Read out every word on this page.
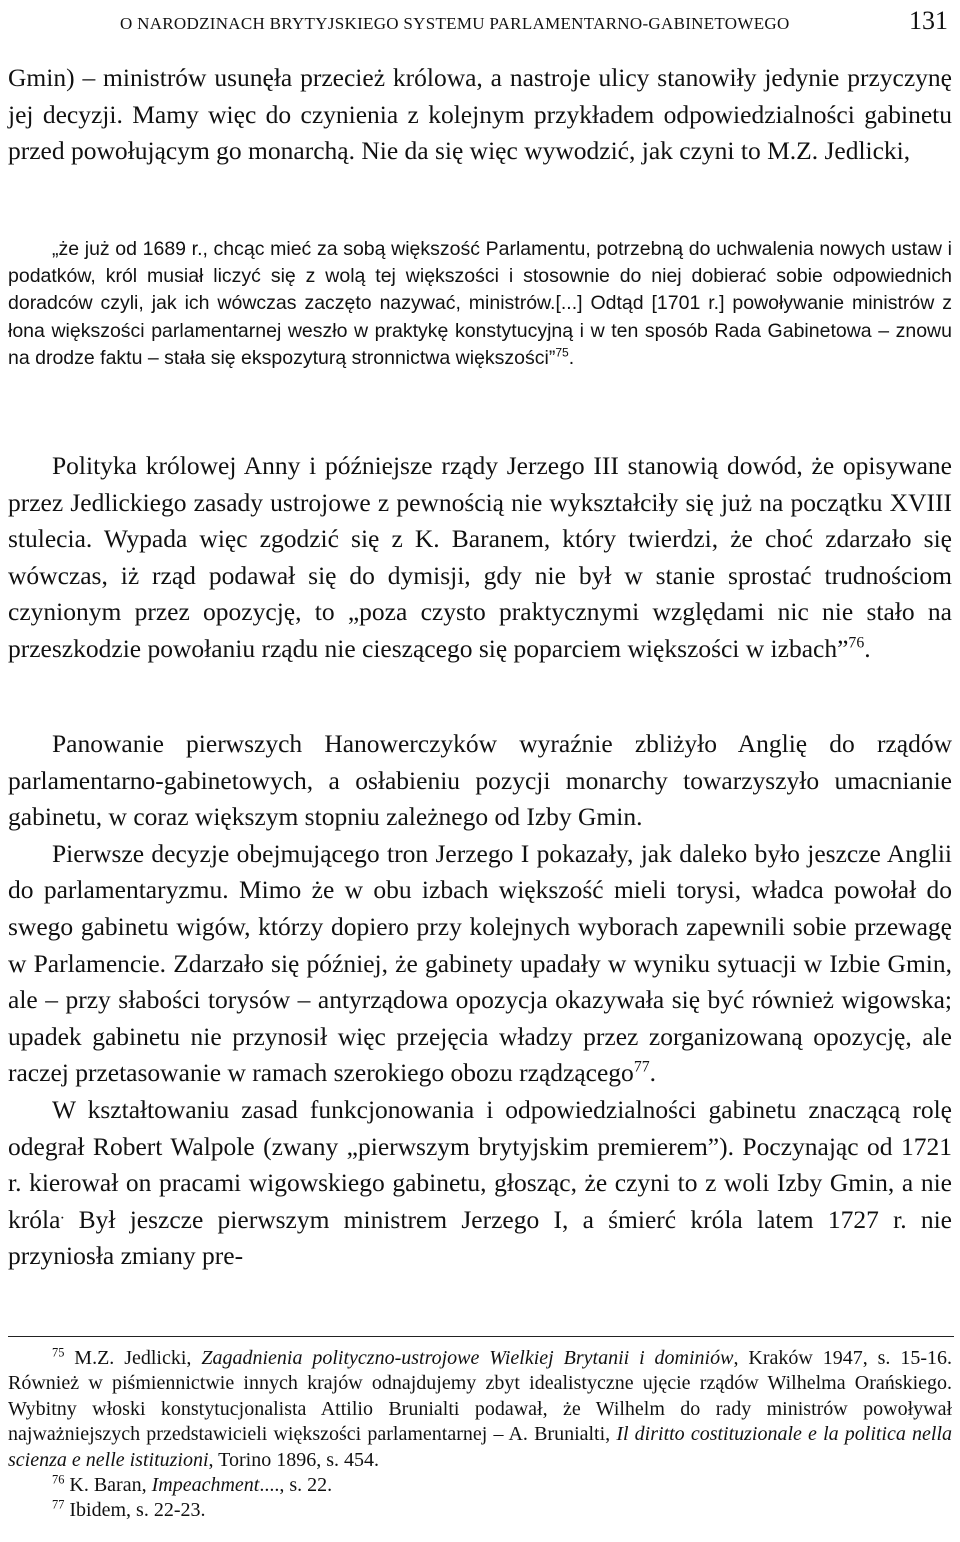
O NARODZINACH BRYTYJSKIEGO SYSTEMU PARLAMENTARNO-GABINETOWEGO	131

Gmin) – ministrów usunęła przecież królowa, a nastroje ulicy stanowiły jedynie przyczynę jej decyzji. Mamy więc do czynienia z kolejnym przykładem odpowiedzialności gabinetu przed powołującym go monarchą. Nie da się więc wywodzić, jak czyni to M.Z. Jedlicki,

„że już od 1689 r., chcąc mieć za sobą większość Parlamentu, potrzebną do uchwalenia nowych ustaw i podatków, król musiał liczyć się z wolą tej większości i stosownie do niej dobierać sobie odpowiednich doradców czyli, jak ich wówczas zaczęto nazywać, ministrów.[...] Odtąd [1701 r.] powoływanie ministrów z łona większości parlamentarnej weszło w praktykę konstytucyjną i w ten sposób Rada Gabinetowa – znowu na drodze faktu – stała się ekspozyturą stronnictwa większości”$^{75}$.

Polityka królowej Anny i późniejsze rządy Jerzego III stanowią dowód, że opisywane przez Jedlickiego zasady ustrojowe z pewnością nie wykształciły się już na początku XVIII stulecia. Wypada więc zgodzić się z K. Baranem, który twierdzi, że choć zdarzało się wówczas, iż rząd podawał się do dymisji, gdy nie był w stanie sprostać trudnościom czynionym przez opozycję, to „poza czysto praktycznymi względami nic nie stało na przeszkodzie powołaniu rządu nie cieszącego się poparciem większości w izbach”$^{76}$.

Panowanie pierwszych Hanowerczyków wyraźnie zbliżyło Anglię do rządów parlamentarno-gabinetowych, a osłabieniu pozycji monarchy towarzyszyło umacnianie gabinetu, w coraz większym stopniu zależnego od Izby Gmin.

Pierwsze decyzje obejmującego tron Jerzego I pokazały, jak daleko było jeszcze Anglii do parlamentaryzmu. Mimo że w obu izbach większość mieli torysi, władca powołał do swego gabinetu wigów, którzy dopiero przy kolejnych wyborach zapewnili sobie przewagę w Parlamencie. Zdarzało się później, że gabinety upadały w wyniku sytuacji w Izbie Gmin, ale – przy słabości torysów – antyrządowa opozycja okazywała się być również wigowska; upadek gabinetu nie przynosił więc przejęcia władzy przez zorganizowaną opozycję, ale raczej przetasowanie w ramach szerokiego obozu rządzącego$^{77}$.

W kształtowaniu zasad funkcjonowania i odpowiedzialności gabinetu znaczącą rolę odegrał Robert Walpole (zwany „pierwszym brytyjskim premierem”). Poczynając od 1721 r. kierował on pracami wigowskiego gabinetu, głosząc, że czyni to z woli Izby Gmin, a nie króla. Był jeszcze pierwszym ministrem Jerzego I, a śmierć króla latem 1727 r. nie przyniosła zmiany pre-

$^{75}$ M.Z. Jedlicki, Zagadnienia polityczno-ustrojowe Wielkiej Brytanii i dominiów, Kraków 1947, s. 15-16. Również w piśmiennictwie innych krajów odnajdujemy zbyt idealistyczne ujęcie rządów Wilhelma Orańskiego. Wybitny włoski konstytucjonalista Attilio Brunialti podawał, że Wilhelm do rady ministrów powoływał najważniejszych przedstawicieli większości parlamentarnej – A. Brunialti, Il diritto costituzionale e la politica nella scienza e nelle istituzioni, Torino 1896, s. 454.

$^{76}$ K. Baran, Impeachment...., s. 22.

$^{77}$ Ibidem, s. 22-23.
